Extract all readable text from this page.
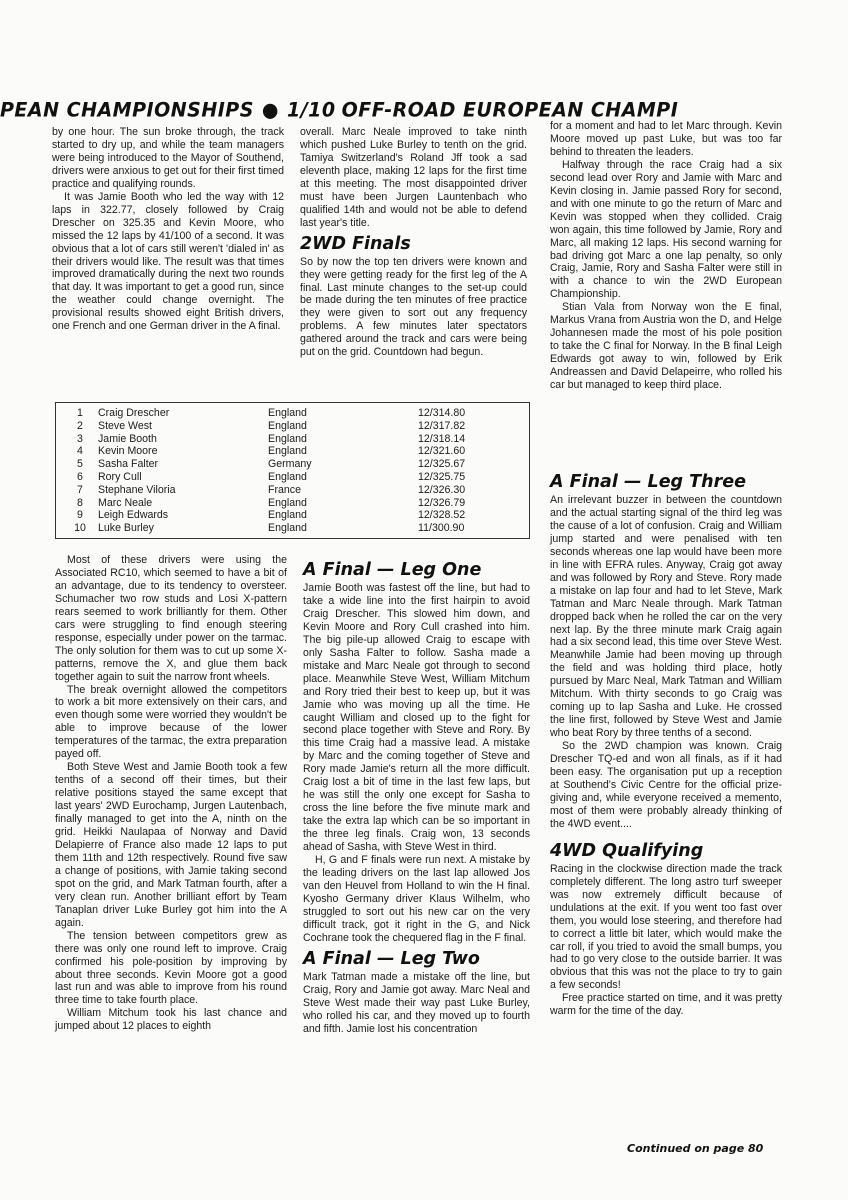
PEAN CHAMPIONSHIPS ● 1/10 OFF-ROAD EUROPEAN CHAMPI

by one hour. The sun broke through, the track started to dry up, and while the team managers were being introduced to the Mayor of Southend, drivers were anxious to get out for their first timed practice and qualifying rounds.

It was Jamie Booth who led the way with 12 laps in 322.77, closely followed by Craig Drescher on 325.35 and Kevin Moore, who missed the 12 laps by 41/100 of a second. It was obvious that a lot of cars still weren't 'dialed in' as their drivers would like. The result was that times improved dramatically during the next two rounds that day. It was important to get a good run, since the weather could change overnight. The provisional results showed eight British drivers, one French and one German driver in the A final.

overall. Marc Neale improved to take ninth which pushed Luke Burley to tenth on the grid. Tamiya Switzerland's Roland Jff took a sad eleventh place, making 12 laps for the first time at this meeting. The most disappointed driver must have been Jurgen Launtenbach who qualified 14th and would not be able to defend last year's title.

2WD Finals

So by now the top ten drivers were known and they were getting ready for the first leg of the A final. Last minute changes to the set-up could be made during the ten minutes of free practice they were given to sort out any frequency problems. A few minutes later spectators gathered around the track and cars were being put on the grid. Countdown had begun.

for a moment and had to let Marc through. Kevin Moore moved up past Luke, but was too far behind to threaten the leaders.

Halfway through the race Craig had a six second lead over Rory and Jamie with Marc and Kevin closing in. Jamie passed Rory for second, and with one minute to go the return of Marc and Kevin was stopped when they collided. Craig won again, this time followed by Jamie, Rory and Marc, all making 12 laps. His second warning for bad driving got Marc a one lap penalty, so only Craig, Jamie, Rory and Sasha Falter were still in with a chance to win the 2WD European Championship.

Stian Vala from Norway won the E final, Markus Vrana from Austria won the D, and Helge Johannesen made the most of his pole position to take the C final for Norway. In the B final Leigh Edwards got away to win, followed by Erik Andreassen and David Delapeirre, who rolled his car but managed to keep third place.

1	Craig Drescher	England	12/314.80
2	Steve West	England	12/317.82
3	Jamie Booth	England	12/318.14
4	Kevin Moore	England	12/321.60
5	Sasha Falter	Germany	12/325.67
6	Rory Cull	England	12/325.75
7	Stephane Viloria	France	12/326.30
8	Marc Neale	England	12/326.79
9	Leigh Edwards	England	12/328.52
10	Luke Burley	England	11/300.90

Most of these drivers were using the Associated RC10, which seemed to have a bit of an advantage, due to its tendency to oversteer. Schumacher two row studs and Losi X-pattern rears seemed to work brilliantly for them. Other cars were struggling to find enough steering response, especially under power on the tarmac. The only solution for them was to cut up some X-patterns, remove the X, and glue them back together again to suit the narrow front wheels.

The break overnight allowed the competitors to work a bit more extensively on their cars, and even though some were worried they wouldn't be able to improve because of the lower temperatures of the tarmac, the extra preparation payed off.

Both Steve West and Jamie Booth took a few tenths of a second off their times, but their relative positions stayed the same except that last years' 2WD Eurochamp, Jurgen Lautenbach, finally managed to get into the A, ninth on the grid. Heikki Naulapaa of Norway and David Delapierre of France also made 12 laps to put them 11th and 12th respectively. Round five saw a change of positions, with Jamie taking second spot on the grid, and Mark Tatman fourth, after a very clean run. Another brilliant effort by Team Tanaplan driver Luke Burley got him into the A again.

The tension between competitors grew as there was only one round left to improve. Craig confirmed his pole-position by improving by about three seconds. Kevin Moore got a good last run and was able to improve from his round three time to take fourth place.

William Mitchum took his last chance and jumped about 12 places to eighth

A Final — Leg One

Jamie Booth was fastest off the line, but had to take a wide line into the first hairpin to avoid Craig Drescher. This slowed him down, and Kevin Moore and Rory Cull crashed into him. The big pile-up allowed Craig to escape with only Sasha Falter to follow. Sasha made a mistake and Marc Neale got through to second place. Meanwhile Steve West, William Mitchum and Rory tried their best to keep up, but it was Jamie who was moving up all the time. He caught William and closed up to the fight for second place together with Steve and Rory. By this time Craig had a massive lead. A mistake by Marc and the coming together of Steve and Rory made Jamie's return all the more difficult. Craig lost a bit of time in the last few laps, but he was still the only one except for Sasha to cross the line before the five minute mark and take the extra lap which can be so important in the three leg finals. Craig won, 13 seconds ahead of Sasha, with Steve West in third.

H, G and F finals were run next. A mistake by the leading drivers on the last lap allowed Jos van den Heuvel from Holland to win the H final. Kyosho Germany driver Klaus Wilhelm, who struggled to sort out his new car on the very difficult track, got it right in the G, and Nick Cochrane took the chequered flag in the F final.

A Final — Leg Two

Mark Tatman made a mistake off the line, but Craig, Rory and Jamie got away. Marc Neal and Steve West made their way past Luke Burley, who rolled his car, and they moved up to fourth and fifth. Jamie lost his concentration

A Final — Leg Three

An irrelevant buzzer in between the countdown and the actual starting signal of the third leg was the cause of a lot of confusion. Craig and William jump started and were penalised with ten seconds whereas one lap would have been more in line with EFRA rules. Anyway, Craig got away and was followed by Rory and Steve. Rory made a mistake on lap four and had to let Steve, Mark Tatman and Marc Neale through. Mark Tatman dropped back when he rolled the car on the very next lap. By the three minute mark Craig again had a six second lead, this time over Steve West. Meanwhile Jamie had been moving up through the field and was holding third place, hotly pursued by Marc Neal, Mark Tatman and William Mitchum. With thirty seconds to go Craig was coming up to lap Sasha and Luke. He crossed the line first, followed by Steve West and Jamie who beat Rory by three tenths of a second.

So the 2WD champion was known. Craig Drescher TQ-ed and won all finals, as if it had been easy. The organisation put up a reception at Southend's Civic Centre for the official prize-giving and, while everyone received a memento, most of them were probably already thinking of the 4WD event....

4WD Qualifying

Racing in the clockwise direction made the track completely different. The long astro turf sweeper was now extremely difficult because of undulations at the exit. If you went too fast over them, you would lose steering, and therefore had to correct a little bit later, which would make the car roll, if you tried to avoid the small bumps, you had to go very close to the outside barrier. It was obvious that this was not the place to try to gain a few seconds!

Free practice started on time, and it was pretty warm for the time of the day.

Continued on page 80
